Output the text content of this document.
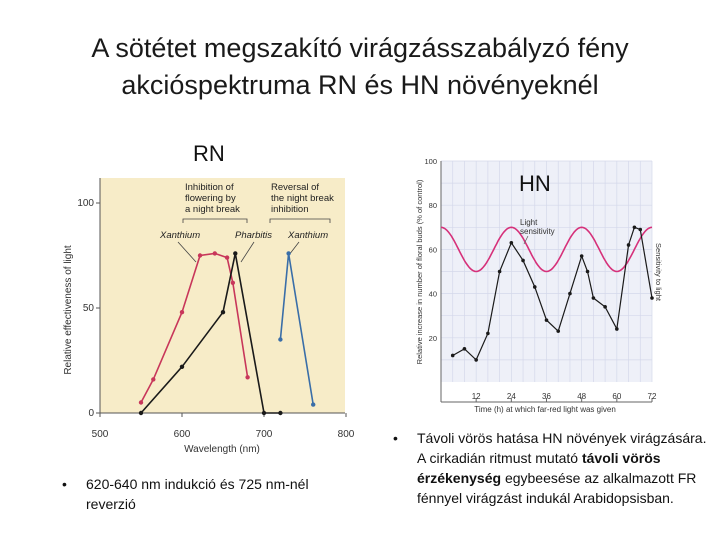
A sötétet megszakító virágzásszabályzó fény
akcióspektruma RN és HN növényeknél
RN
500	600	700	800
0
50
100
Wavelength (nm)
Relative effectiveness of light
Inhibition of flowering by a night break
Reversal of the night break inhibition
Xanthium	Pharbitis Xanthium
12	24	36	48	60	72
20
40
60
80
100
Time (h) at which far-red light was given
Relative increase in number of floral buds (% of control)	Sensitivity to light
Light sensitivity
HN
• 620-640 nm indukció és 725 nm-nél reverzió
• Távoli vörös hatása HN növények virágzására. A cirkadián ritmust mutató távoli vörös érzékenység egybeesése az alkalmazott FR fénnyel virágzást indukál Arabidopsisban.
